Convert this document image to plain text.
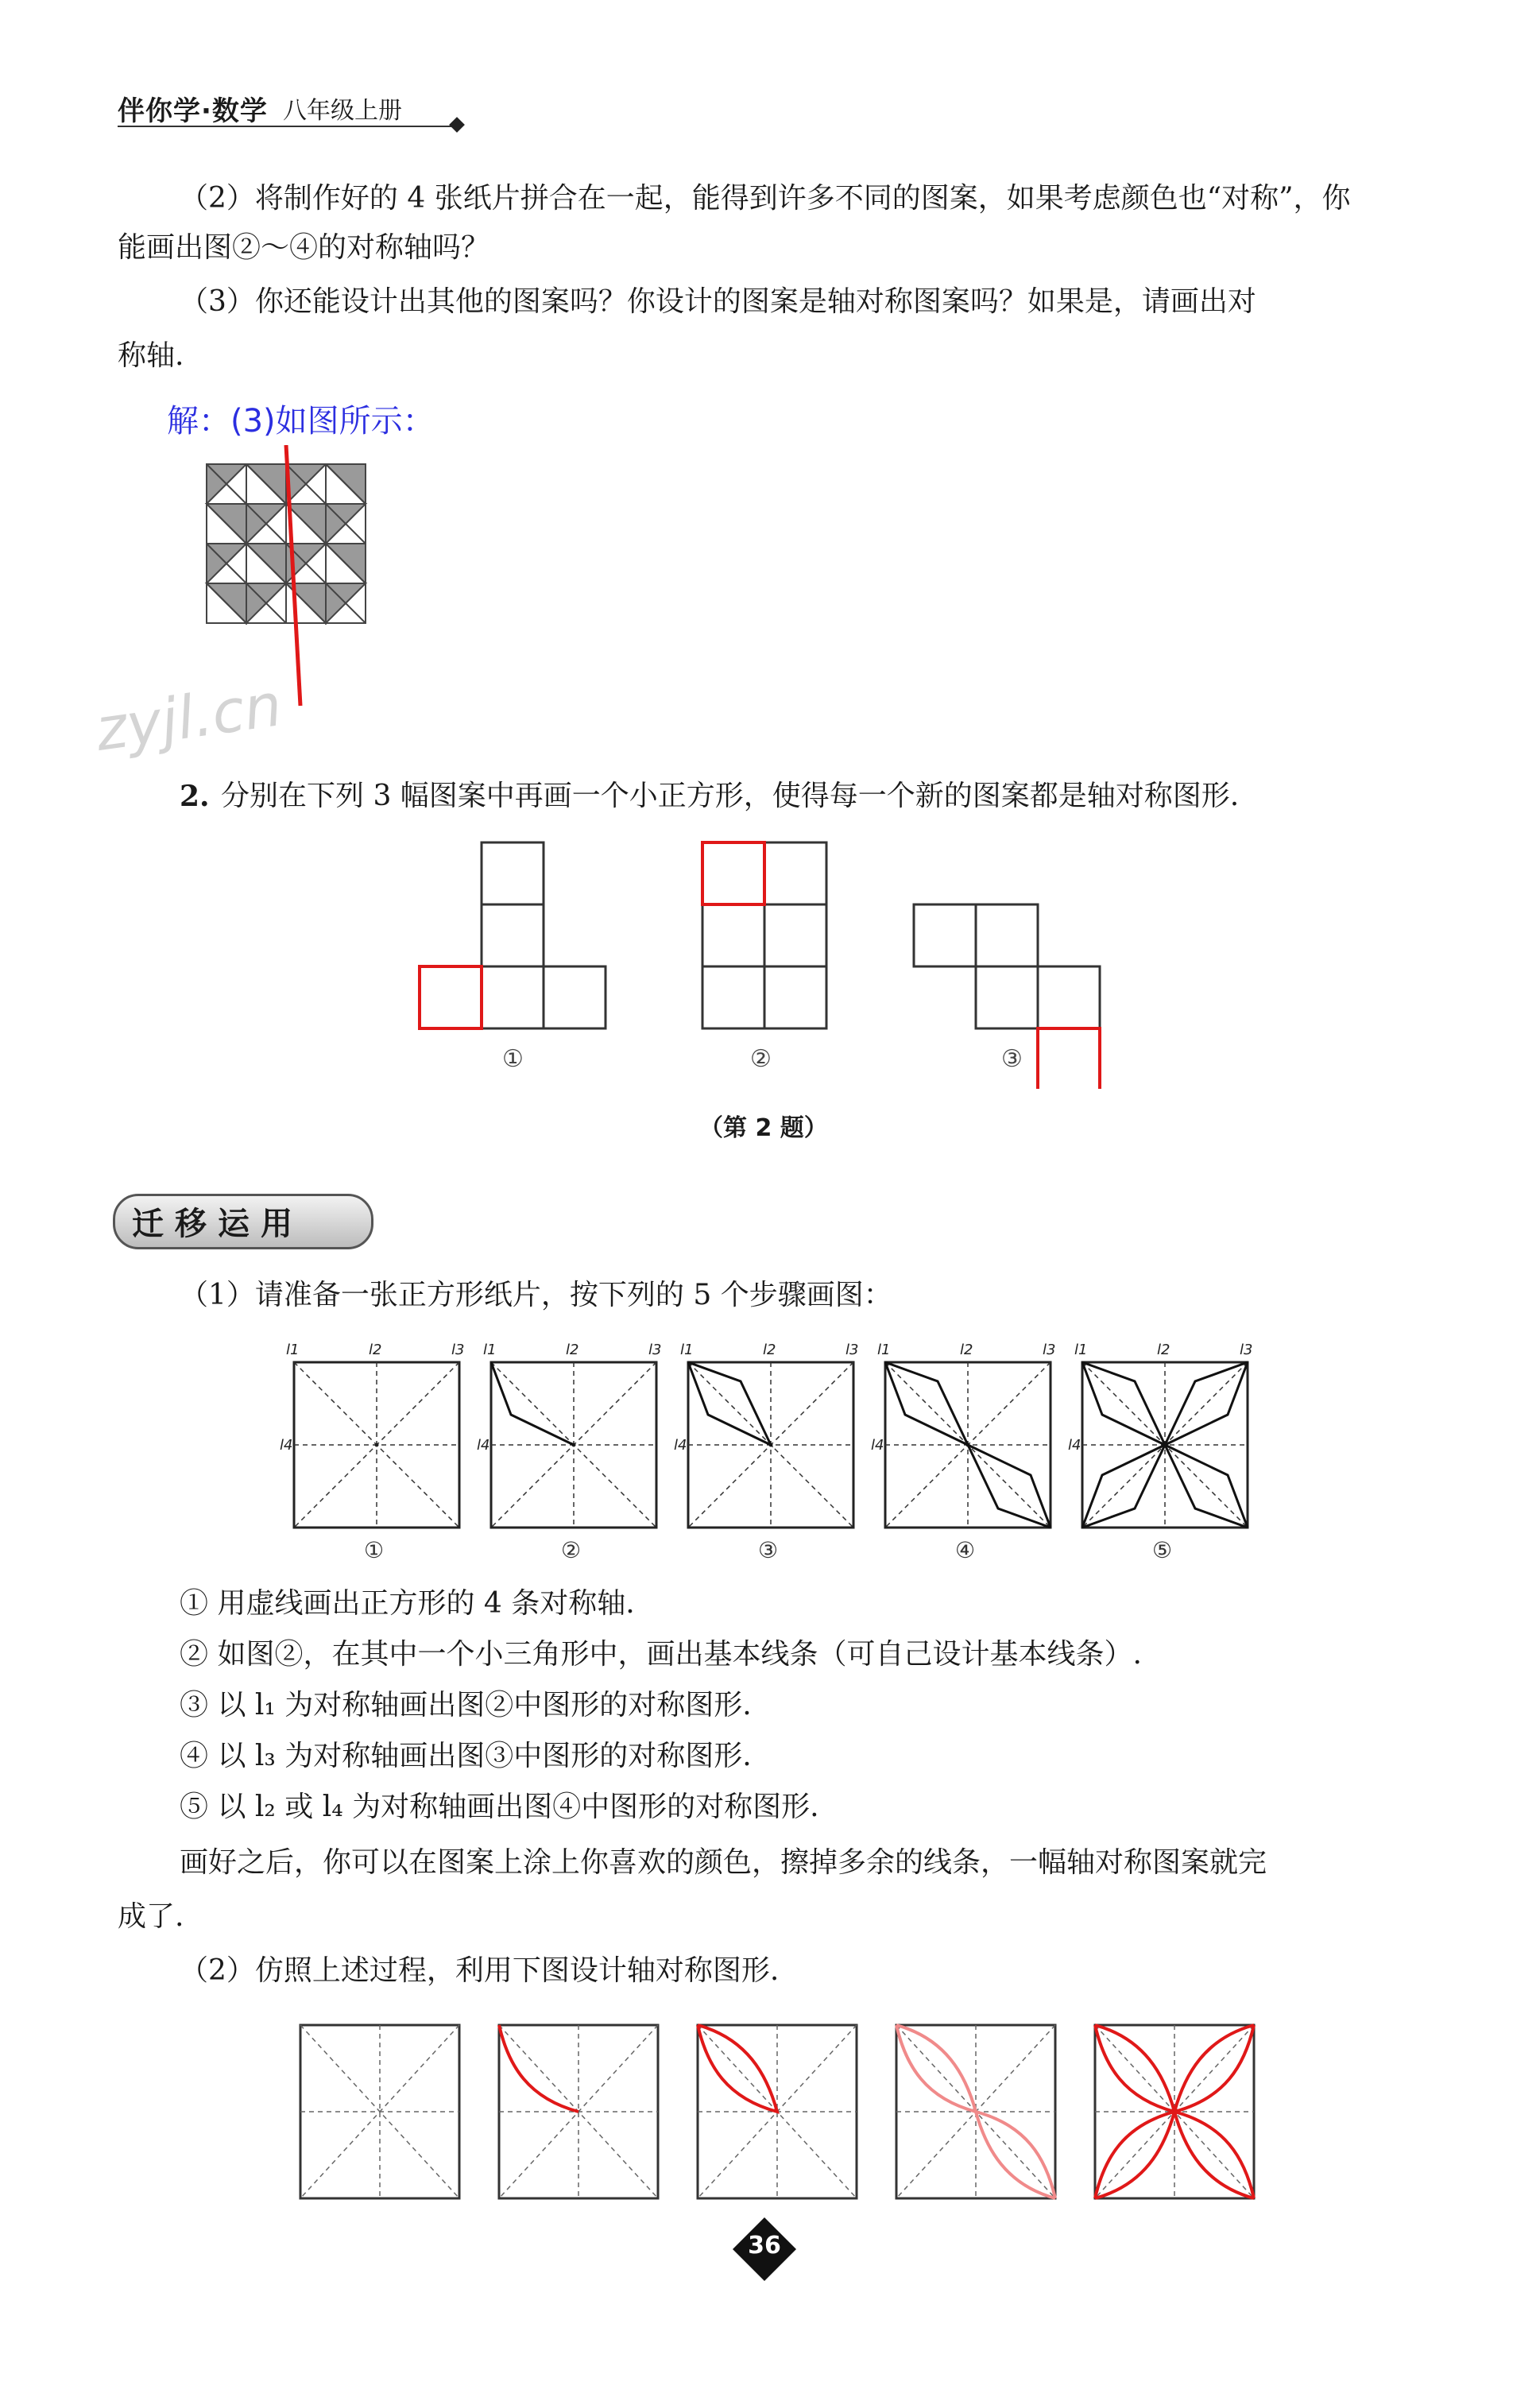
伴你学·数学 八年级上册
（2）将制作好的 4 张纸片拼合在一起，能得到许多不同的图案，如果考虑颜色也“对称”，你
能画出图②～④的对称轴吗？
（3）你还能设计出其他的图案吗？你设计的图案是轴对称图案吗？如果是，请画出对
称轴.
解：(3)如图所示：
zyjl.cn
2. 分别在下列 3 幅图案中再画一个小正方形，使得每一个新的图案都是轴对称图形.
①	②	③
（第 2 题）
迁移运用
（1）请准备一张正方形纸片，按下列的 5 个步骤画图：
l1	l2	l3
l4
l1	l2	l3
l4
l1	l2	l3
l4
l1	l2	l3
l4
l1	l2	l3
l4
①	②	③	④	⑤
① 用虚线画出正方形的 4 条对称轴.
② 如图②，在其中一个小三角形中，画出基本线条（可自己设计基本线条）.
③ 以 l₁ 为对称轴画出图②中图形的对称图形.
④ 以 l₃ 为对称轴画出图③中图形的对称图形.
⑤ 以 l₂ 或 l₄ 为对称轴画出图④中图形的对称图形.
画好之后，你可以在图案上涂上你喜欢的颜色，擦掉多余的线条，一幅轴对称图案就完
成了.
（2）仿照上述过程，利用下图设计轴对称图形.
36
